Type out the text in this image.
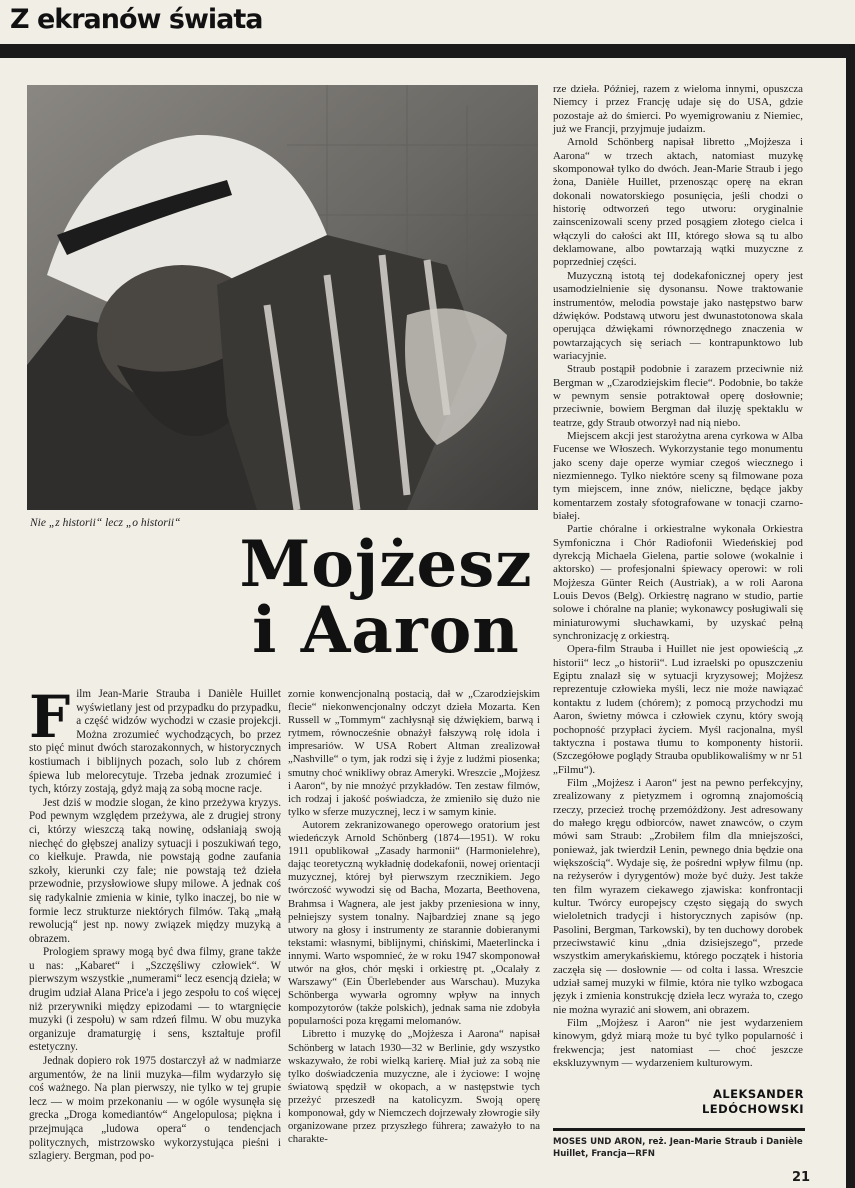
Z ekranów świata
Nie „z historii“ lecz „o historii“
Mojżesz
i Aaron

Film Jean-Marie Strauba i Danièle Huillet wyświetlany jest od przypadku do przypadku, a część widzów wychodzi w czasie projekcji. Można zrozumieć wychodzących, bo przez sto pięć minut dwóch starozakonnych, w historycznych kostiumach i biblijnych pozach, solo lub z chórem śpiewa lub melorecytuje. Trzeba jednak zrozumieć i tych, którzy zostają, gdyż mają za sobą mocne racje.

Jest dziś w modzie slogan, że kino przeżywa kryzys. Pod pewnym względem przeżywa, ale z drugiej strony ci, którzy wieszczą taką nowinę, odsłaniają swoją niechęć do głębszej analizy sytuacji i poszukiwań tego, co kiełkuje. Prawda, nie powstają godne zaufania szkoły, kierunki czy fale; nie powstają też dzieła przewodnie, przysłowiowe słupy milowe. A jednak coś się radykalnie zmienia w kinie, tylko inaczej, bo nie w formie lecz strukturze niektórych filmów. Taką „małą rewolucją“ jest np. nowy związek między muzyką a obrazem.

Prologiem sprawy mogą być dwa filmy, grane także u nas: „Kabaret“ i „Szczęśliwy człowiek“. W pierwszym wszystkie „numerami“ lecz esencją dzieła; w drugim udział Alana Price'a i jego zespołu to coś więcej niż przerywniki między epizodami — to wtargnięcie muzyki (i zespołu) w sam rdzeń filmu. W obu muzyka organizuje dramaturgię i sens, kształtuje profil estetyczny.

Jednak dopiero rok 1975 dostarczył aż w nadmiarze argumentów, że na linii muzyka—film wydarzyło się coś ważnego. Na plan pierwszy, nie tylko w tej grupie lecz — w moim przekonaniu — w ogóle wysunęła się grecka „Droga komediantów“ Angelopulosa; piękna i przejmująca „ludowa opera“ o tendencjach politycznych, mistrzowsko wykorzystująca pieśni i szlagiery. Bergman, pod po-

zornie konwencjonalną postacią, dał w „Czarodziejskim flecie“ niekonwencjonalny odczyt dzieła Mozarta. Ken Russell w „Tommym“ zachłysnął się dźwiękiem, barwą i rytmem, równocześnie obnażył fałszywą rolę idola i impresariów. W USA Robert Altman zrealizował „Nashville“ o tym, jak rodzi się i żyje z ludźmi piosenka; smutny choć wnikliwy obraz Ameryki. Wreszcie „Mojżesz i Aaron“, by nie mnożyć przykładów. Ten zestaw filmów, ich rodzaj i jakość poświadcza, że zmieniło się dużo nie tylko w sferze muzycznej, lecz i w samym kinie.

Autorem zekranizowanego operowego oratorium jest wiedeńczyk Arnold Schönberg (1874—1951). W roku 1911 opublikował „Zasady harmonii“ (Harmonielehre), dając teoretyczną wykładnię dodekafonii, nowej orientacji muzycznej, której był pierwszym rzecznikiem. Jego twórczość wywodzi się od Bacha, Mozarta, Beethovena, Brahmsa i Wagnera, ale jest jakby przeniesiona w inny, pełniejszy system tonalny. Najbardziej znane są jego utwory na głosy i instrumenty ze starannie dobieranymi tekstami: własnymi, biblijnymi, chińskimi, Maeterlincka i innymi. Warto wspomnieć, że w roku 1947 skomponował utwór na głos, chór męski i orkiestrę pt. „Ocalały z Warszawy“ (Ein Überlebender aus Warschau). Muzyka Schönberga wywarła ogromny wpływ na innych kompozytorów (także polskich), jednak sama nie zdobyła popularności poza kręgami melomanów.

Libretto i muzykę do „Mojżesza i Aarona“ napisał Schönberg w latach 1930—32 w Berlinie, gdy wszystko wskazywało, że robi wielką karierę. Miał już za sobą nie tylko doświadczenia muzyczne, ale i życiowe: I wojnę światową spędził w okopach, a w następstwie tych przeżyć przeszedł na katolicyzm. Swoją operę komponował, gdy w Niemczech dojrzewały złowrogie siły organizowane przez przyszłego führera; zaważyło to na charakte-

rze dzieła. Później, razem z wieloma innymi, opuszcza Niemcy i przez Francję udaje się do USA, gdzie pozostaje aż do śmierci. Po wyemigrowaniu z Niemiec, już we Francji, przyjmuje judaizm.

Arnold Schönberg napisał libretto „Mojżesza i Aarona“ w trzech aktach, natomiast muzykę skomponował tylko do dwóch. Jean-Marie Straub i jego żona, Danièle Huillet, przenosząc operę na ekran dokonali nowatorskiego posunięcia, jeśli chodzi o historię odtworzeń tego utworu: oryginalnie zainscenizowali sceny przed posągiem złotego cielca i włączyli do całości akt III, którego słowa są tu albo deklamowane, albo powtarzają wątki muzyczne z poprzedniej części.

Muzyczną istotą tej dodekafonicznej opery jest usamodzielnienie się dysonansu. Nowe traktowanie instrumentów, melodia powstaje jako następstwo barw dźwięków. Podstawą utworu jest dwunastotonowa skala operująca dźwiękami równorzędnego znaczenia w powtarzających się seriach — kontrapunktowo lub wariacyjnie.

Straub postąpił podobnie i zarazem przeciwnie niż Bergman w „Czarodziejskim flecie“. Podobnie, bo także w pewnym sensie potraktował operę dosłownie; przeciwnie, bowiem Bergman dał iluzję spektaklu w teatrze, gdy Straub otworzył nad nią niebo.

Miejscem akcji jest starożytna arena cyrkowa w Alba Fucense we Włoszech. Wykorzystanie tego monumentu jako sceny daje operze wymiar czegoś wiecznego i niezmiennego. Tylko niektóre sceny są filmowane poza tym miejscem, inne znów, nieliczne, będące jakby komentarzem zostały sfotografowane w tonacji czarno-białej.

Partie chóralne i orkiestralne wykonała Orkiestra Symfoniczna i Chór Radiofonii Wiedeńskiej pod dyrekcją Michaela Gielena, partie solowe (wokalnie i aktorsko) — profesjonalni śpiewacy operowi: w roli Mojżesza Günter Reich (Austriak), a w roli Aarona Louis Devos (Belg). Orkiestrę nagrano w studio, partie solowe i chóralne na planie; wykonawcy posługiwali się miniaturowymi słuchawkami, by uzyskać pełną synchronizację z orkiestrą.

Opera-film Strauba i Huillet nie jest opowieścią „z historii“ lecz „o historii“. Lud izraelski po opuszczeniu Egiptu znalazł się w sytuacji kryzysowej; Mojżesz reprezentuje człowieka myśli, lecz nie może nawiązać kontaktu z ludem (chórem); z pomocą przychodzi mu Aaron, świetny mówca i człowiek czynu, który swoją pochopność przypłaci życiem. Myśl racjonalna, myśl taktyczna i postawa tłumu to komponenty historii. (Szczegółowe poglądy Strauba opublikowaliśmy w nr 51 „Filmu“).

Film „Mojżesz i Aaron“ jest na pewno perfekcyjny, zrealizowany z pietyzmem i ogromną znajomością rzeczy, przecież trochę przemóżdżony. Jest adresowany do małego kręgu odbiorców, nawet znawców, o czym mówi sam Straub: „Zrobiłem film dla mniejszości, ponieważ, jak twierdził Lenin, pewnego dnia będzie ona większością“. Wydaje się, że pośredni wpływ filmu (np. na reżyserów i dyrygentów) może być duży. Jest także ten film wyrazem ciekawego zjawiska: konfrontacji kultur. Twórcy europejscy często sięgają do swych wieloletnich tradycji i historycznych zapisów (np. Pasolini, Bergman, Tarkowski), by ten duchowy dorobek przeciwstawić kinu „dnia dzisiejszego“, przede wszystkim amerykańskiemu, którego początek i historia zaczęła się — dosłownie — od colta i lassa. Wreszcie udział samej muzyki w filmie, która nie tylko wzbogaca język i zmienia konstrukcję dzieła lecz wyraża to, czego nie można wyrazić ani słowem, ani obrazem.

Film „Mojżesz i Aaron“ nie jest wydarzeniem kinowym, gdyż miarą może tu być tylko popularność i frekwencja; jest natomiast — choć jeszcze ekskluzywnym — wydarzeniem kulturowym.

ALEKSANDER
LEDÓCHOWSKI
MOSES UND ARON, reż. Jean-Marie Straub i Danièle Huillet, Francja—RFN
21
